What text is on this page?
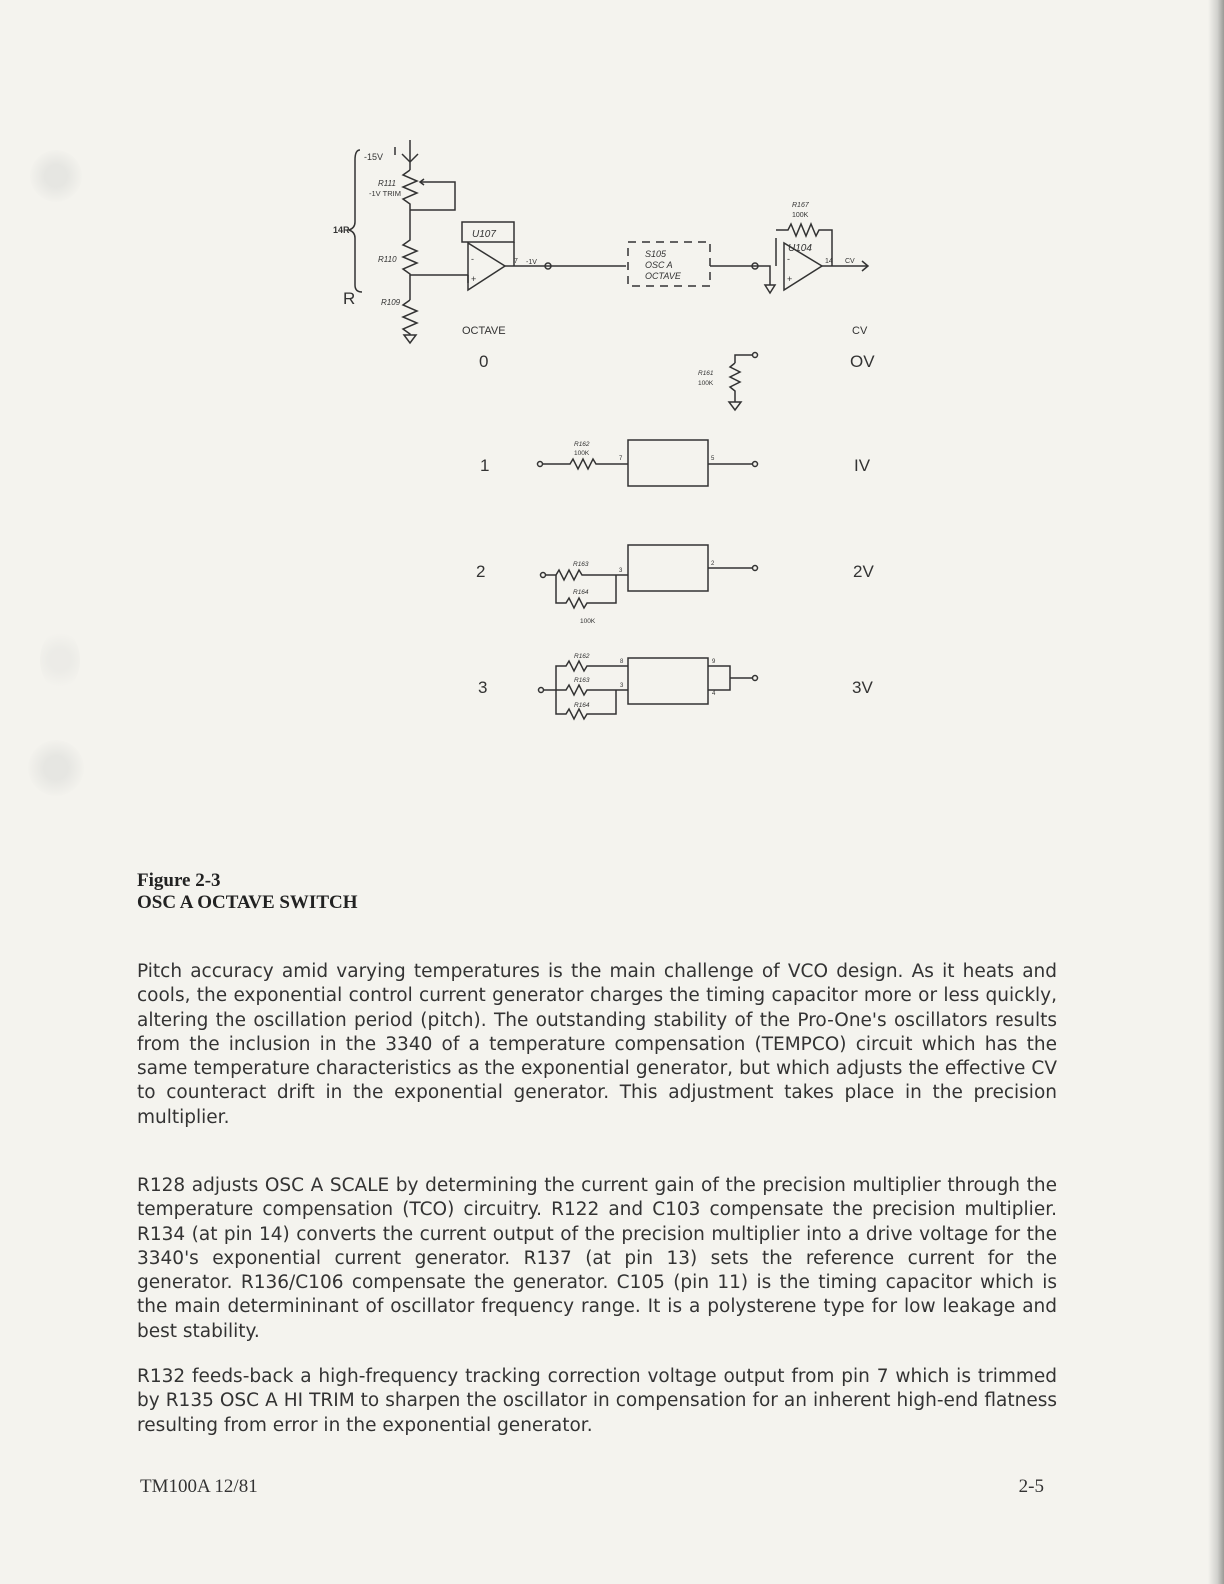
-15V
14R
R111
-1V TRIM
R110
R109
R
U107
-
+
7 -1V
S105
OSC A
OCTAVE
R167
100K
U104
-
+
14 CV
OCTAVE	CV
0	OV
R161
100K
1	IV
R162
100K
7	5
2	2V
R163
R164
100K
3
2
3	3V
R162
R163
R164
8
3
9
4
Figure 2-3
OSC A OCTAVE SWITCH

Pitch accuracy amid varying temperatures is the main challenge of VCO design. As it heats and cools, the exponential control current generator charges the timing capacitor more or less quickly, altering the oscillation period (pitch). The outstanding stability of the Pro-One's oscillators results from the inclusion in the 3340 of a temperature compensation (TEMPCO) circuit which has the same temperature characteristics as the exponential generator, but which adjusts the effective CV to counteract drift in the exponential generator. This adjustment takes place in the precision multiplier.

R128 adjusts OSC A SCALE by determining the current gain of the precision multiplier through the temperature compensation (TCO) circuitry. R122 and C103 compensate the precision multiplier. R134 (at pin 14) converts the current output of the precision multiplier into a drive voltage for the 3340's exponential current generator. R137 (at pin 13) sets the reference current for the generator. R136/C106 compensate the generator. C105 (pin 11) is the timing capacitor which is the main determininant of oscillator frequency range. It is a polysterene type for low leakage and best stability.

R132 feeds-back a high-frequency tracking correction voltage output from pin 7 which is trimmed by R135 OSC A HI TRIM to sharpen the oscillator in compensation for an inherent high-end flatness resulting from error in the exponential generator.

TM100A 12/81	2-5
